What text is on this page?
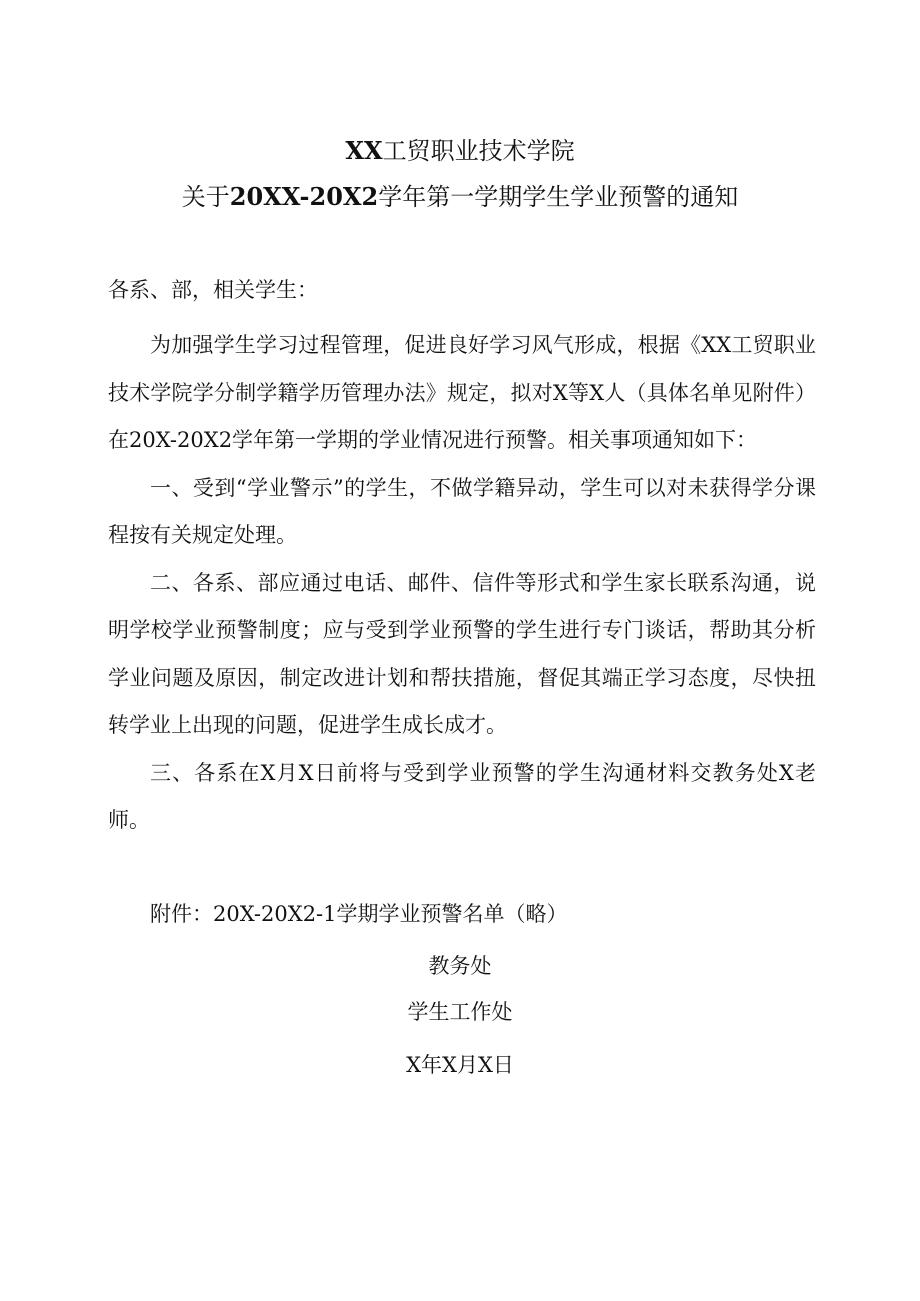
XX工贸职业技术学院
关于20XX-20X2学年第一学期学生学业预警的通知

各系、部，相关学生：

为加强学生学习过程管理，促进良好学习风气形成，根据《XX工贸职业技术学院学分制学籍学历管理办法》规定，拟对X等X人（具体名单见附件）在20X-20X2学年第一学期的学业情况进行预警。相关事项通知如下：

一、受到“学业警示”的学生，不做学籍异动，学生可以对未获得学分课程按有关规定处理。

二、各系、部应通过电话、邮件、信件等形式和学生家长联系沟通，说明学校学业预警制度；应与受到学业预警的学生进行专门谈话，帮助其分析学业问题及原因，制定改进计划和帮扶措施，督促其端正学习态度，尽快扭转学业上出现的问题，促进学生成长成才。

三、各系在X月X日前将与受到学业预警的学生沟通材料交教务处X老师。

附件：20X-20X2-1学期学业预警名单（略）
教务处
学生工作处
X年X月X日
